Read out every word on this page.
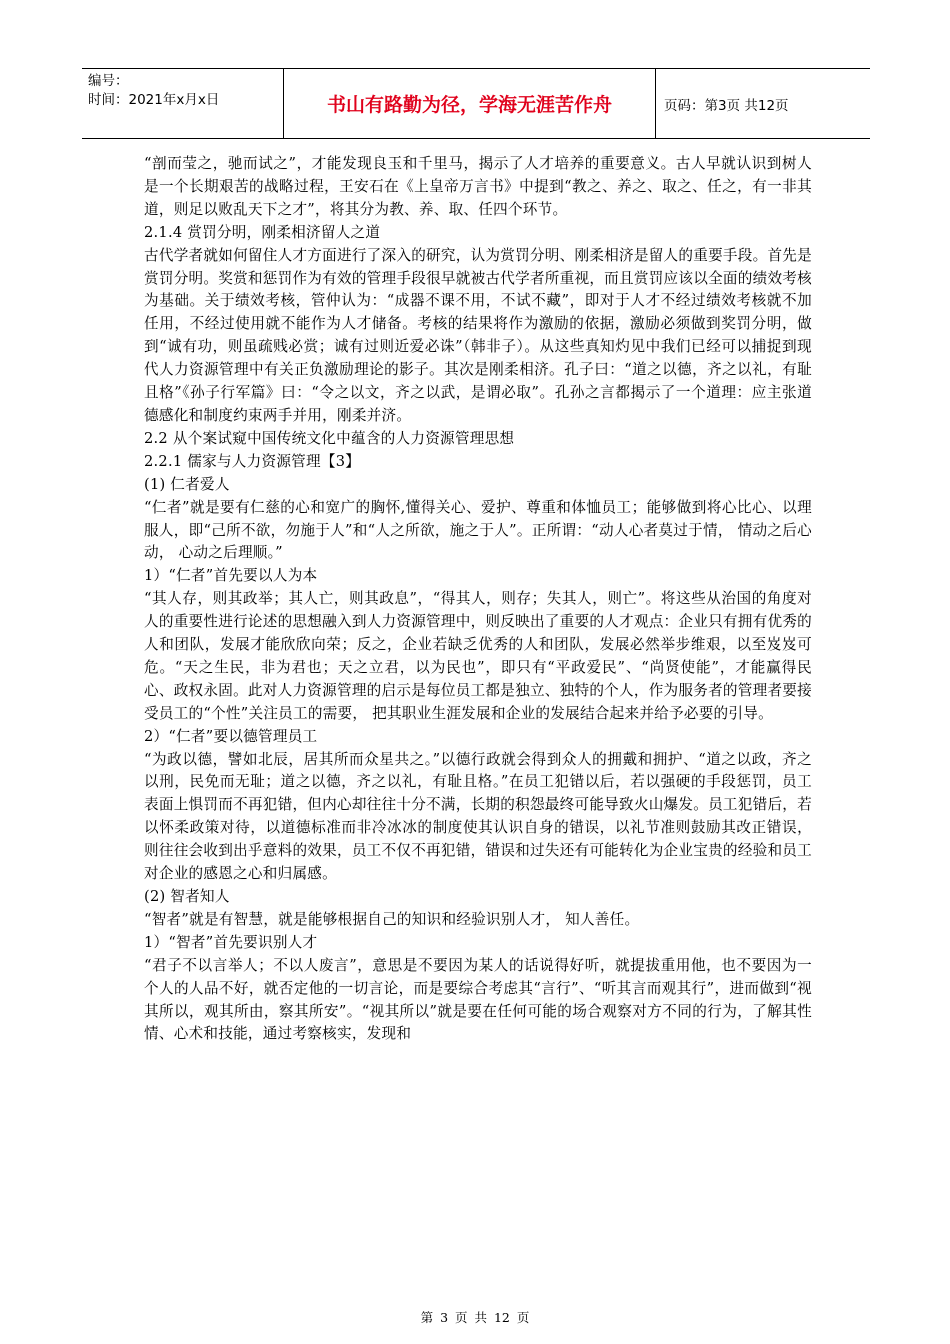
编号：
时间：2021年x月x日	书山有路勤为径，学海无涯苦作舟	页码：第3页 共12页

“剖而莹之，驰而试之”，才能发现良玉和千里马，揭示了人才培养的重要意义。古人早就认识到树人是一个长期艰苦的战略过程，王安石在《上皇帝万言书》中提到“教之、养之、取之、任之，有一非其道，则足以败乱天下之才”，将其分为教、养、取、任四个环节。

2.1.4 赏罚分明，刚柔相济留人之道

古代学者就如何留住人才方面进行了深入的研究，认为赏罚分明、刚柔相济是留人的重要手段。首先是赏罚分明。奖赏和惩罚作为有效的管理手段很早就被古代学者所重视，而且赏罚应该以全面的绩效考核为基础。关于绩效考核，管仲认为：“成器不课不用，不试不藏”，即对于人才不经过绩效考核就不加任用，不经过使用就不能作为人才储备。考核的结果将作为激励的依据，激励必须做到奖罚分明，做到“诚有功，则虽疏贱必赏；诚有过则近爱必诛”（韩非子）。从这些真知灼见中我们已经可以捕捉到现代人力资源管理中有关正负激励理论的影子。其次是刚柔相济。孔子曰：“道之以德，齐之以礼，有耻且格”《孙子行军篇》曰：“令之以文，齐之以武，是谓必取”。孔孙之言都揭示了一个道理：应主张道德感化和制度约束两手并用，刚柔并济。

2.2 从个案试窥中国传统文化中蕴含的人力资源管理思想

2.2.1 儒家与人力资源管理【3】

(1) 仁者爱人

“仁者”就是要有仁慈的心和宽广的胸怀,懂得关心、爱护、尊重和体恤员工；能够做到将心比心、以理服人，即“己所不欲，勿施于人”和“人之所欲，施之于人”。正所谓：“动人心者莫过于情， 情动之后心动， 心动之后理顺。”

1）“仁者”首先要以人为本

“其人存，则其政举；其人亡，则其政息”，“得其人，则存；失其人，则亡”。将这些从治国的角度对人的重要性进行论述的思想融入到人力资源管理中，则反映出了重要的人才观点：企业只有拥有优秀的人和团队，发展才能欣欣向荣；反之，企业若缺乏优秀的人和团队，发展必然举步维艰，以至岌岌可危。“天之生民，非为君也；天之立君，以为民也”，即只有“平政爱民”、“尚贤使能”，才能赢得民心、政权永固。此对人力资源管理的启示是每位员工都是独立、独特的个人，作为服务者的管理者要接受员工的“个性”关注员工的需要， 把其职业生涯发展和企业的发展结合起来并给予必要的引导。

2）“仁者”要以德管理员工

“为政以德，譬如北辰，居其所而众星共之。”以德行政就会得到众人的拥戴和拥护、“道之以政，齐之以刑，民免而无耻；道之以德，齐之以礼，有耻且格。”在员工犯错以后，若以强硬的手段惩罚，员工表面上惧罚而不再犯错，但内心却往往十分不满，长期的积怨最终可能导致火山爆发。员工犯错后，若以怀柔政策对待，以道德标准而非冷冰冰的制度使其认识自身的错误，以礼节准则鼓励其改正错误， 则往往会收到出乎意料的效果，员工不仅不再犯错，错误和过失还有可能转化为企业宝贵的经验和员工对企业的感恩之心和归属感。

(2) 智者知人

“智者”就是有智慧，就是能够根据自己的知识和经验识别人才， 知人善任。

1）“智者”首先要识别人才

“君子不以言举人；不以人废言”，意思是不要因为某人的话说得好听，就提拔重用他，也不要因为一个人的人品不好，就否定他的一切言论，而是要综合考虑其“言行”、“听其言而观其行”，进而做到“视其所以，观其所由，察其所安”。“视其所以”就是要在任何可能的场合观察对方不同的行为，了解其性情、心术和技能，通过考察核实，发现和

第 3 页 共 12 页
